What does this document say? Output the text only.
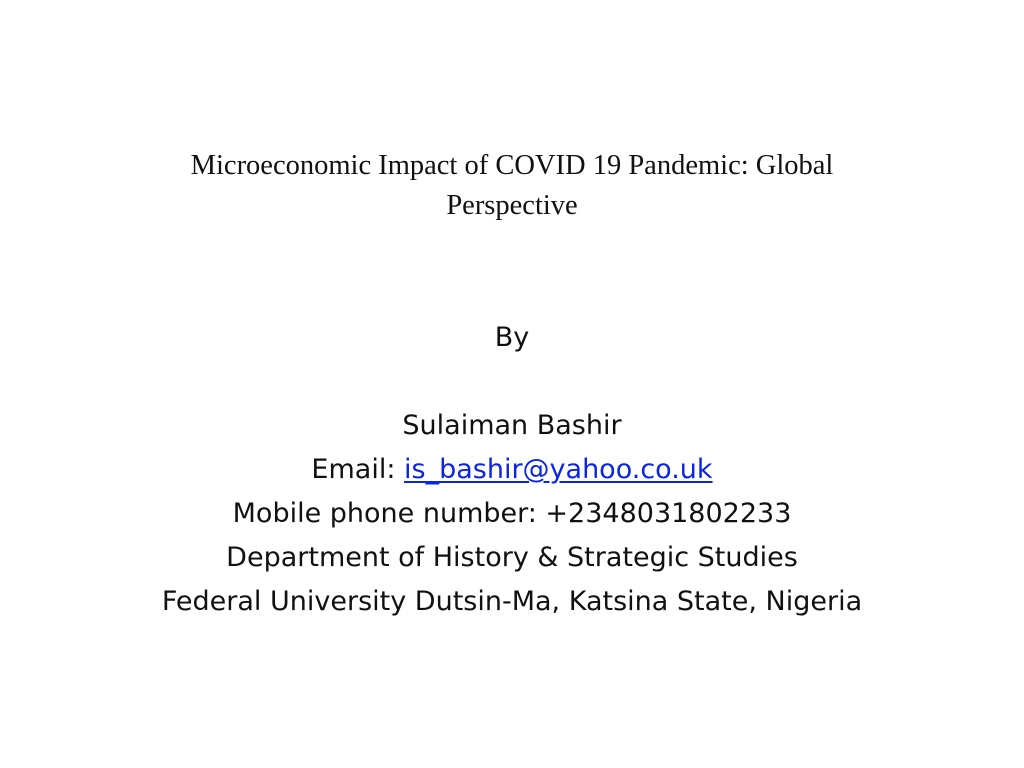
Microeconomic Impact of COVID 19 Pandemic: Global
Perspective
By
Sulaiman Bashir
Email: is_bashir@yahoo.co.uk
Mobile phone number: +2348031802233
Department of History & Strategic Studies
Federal University Dutsin-Ma, Katsina State, Nigeria
